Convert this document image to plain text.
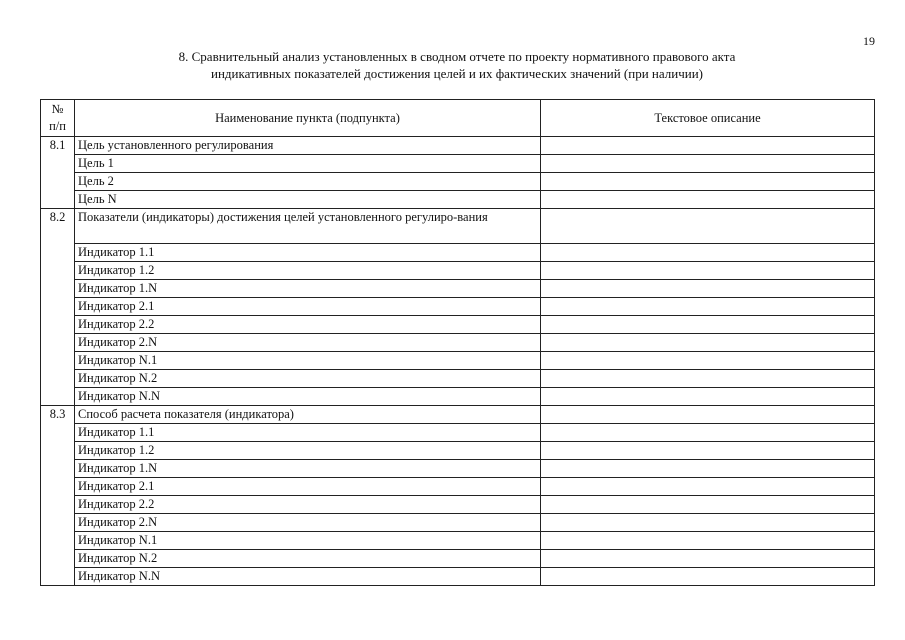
19
8. Сравнительный анализ установленных в сводном отчете по проекту нормативного правового акта
индикативных показателей достижения целей и их фактических значений (при наличии)
№
п/п	Наименование пункта (подпункта)	Текстовое описание
8.1	Цель установленного регулирования	
	Цель 1	
	Цель 2	
	Цель N	
8.2	Показатели (индикаторы) достижения целей установленного регулиро-вания	
	Индикатор 1.1	
	Индикатор 1.2	
	Индикатор 1.N	
	Индикатор 2.1	
	Индикатор 2.2	
	Индикатор 2.N	
	Индикатор N.1	
	Индикатор N.2	
	Индикатор N.N	
8.3	Способ расчета показателя (индикатора)	
	Индикатор 1.1	
	Индикатор 1.2	
	Индикатор 1.N	
	Индикатор 2.1	
	Индикатор 2.2	
	Индикатор 2.N	
	Индикатор N.1	
	Индикатор N.2	
	Индикатор N.N	
